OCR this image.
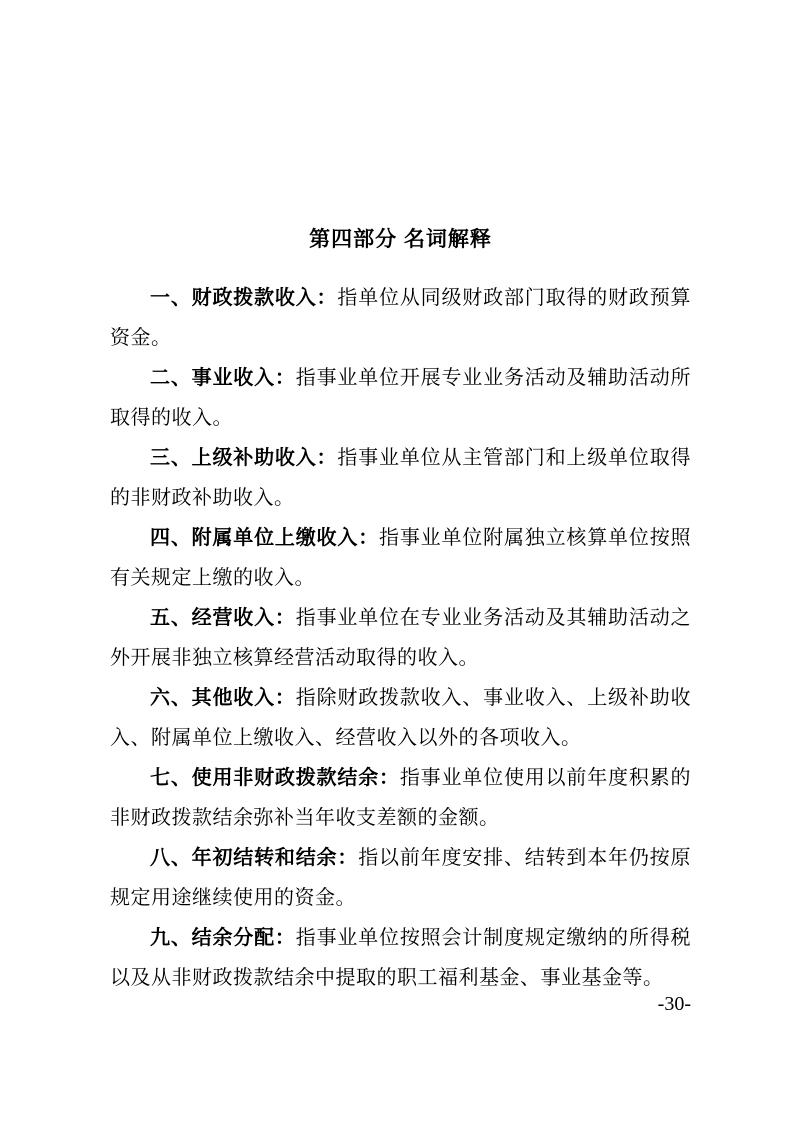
第四部分 名词解释

一、财政拨款收入：指单位从同级财政部门取得的财政预算资金。

二、事业收入：指事业单位开展专业业务活动及辅助活动所取得的收入。

三、上级补助收入：指事业单位从主管部门和上级单位取得的非财政补助收入。

四、附属单位上缴收入：指事业单位附属独立核算单位按照有关规定上缴的收入。

五、经营收入：指事业单位在专业业务活动及其辅助活动之外开展非独立核算经营活动取得的收入。

六、其他收入：指除财政拨款收入、事业收入、上级补助收入、附属单位上缴收入、经营收入以外的各项收入。

七、使用非财政拨款结余：指事业单位使用以前年度积累的非财政拨款结余弥补当年收支差额的金额。

八、年初结转和结余：指以前年度安排、结转到本年仍按原规定用途继续使用的资金。

九、结余分配：指事业单位按照会计制度规定缴纳的所得税以及从非财政拨款结余中提取的职工福利基金、事业基金等。

-30-
